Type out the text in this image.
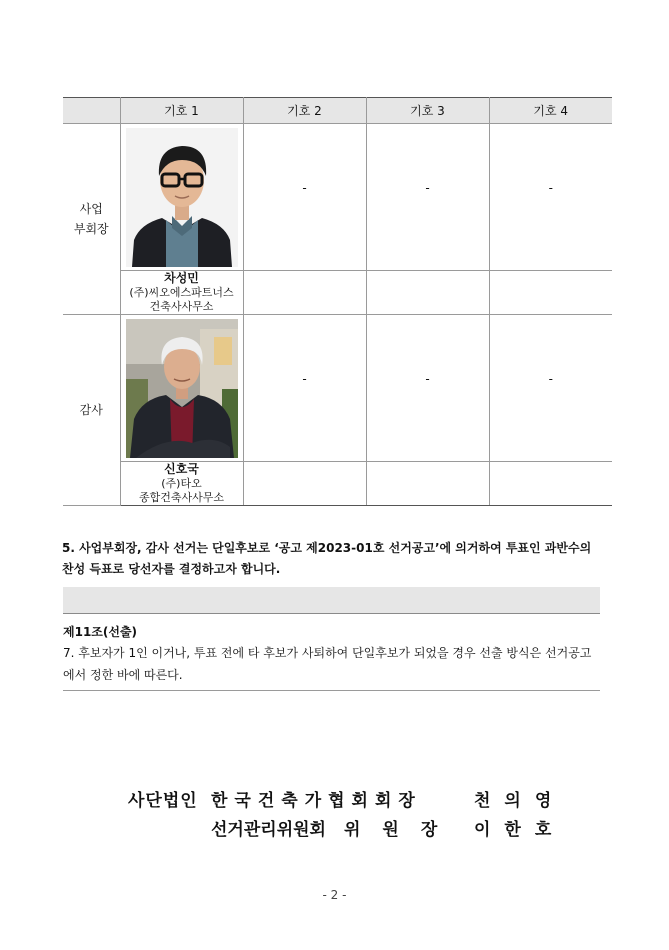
	기호 1	기호 2	기호 3	기호 4

사업
부회장		-	-	-

	차성민
(주)씨오에스파트너스
건축사사무소			

감사		-	-	-

	신호국
(주)타오
종합건축사사무소			

5. 사업부회장, 감사 선거는 단일후보로 ‘공고 제2023-01호 선거공고’에 의거하여 투표인 과반수의
찬성 득표로 당선자를 결정하고자 합니다.

제11조(선출)

7. 후보자가 1인 이거나, 투표 전에 타 후보가 사퇴하여 단일후보가 되었을 경우 선출 방식은 선거공고
에서 정한 바에 따른다.

사단법인 한국건축가협회회장	천의영
선거관리위원회 위원장 이한호
- 2 -
